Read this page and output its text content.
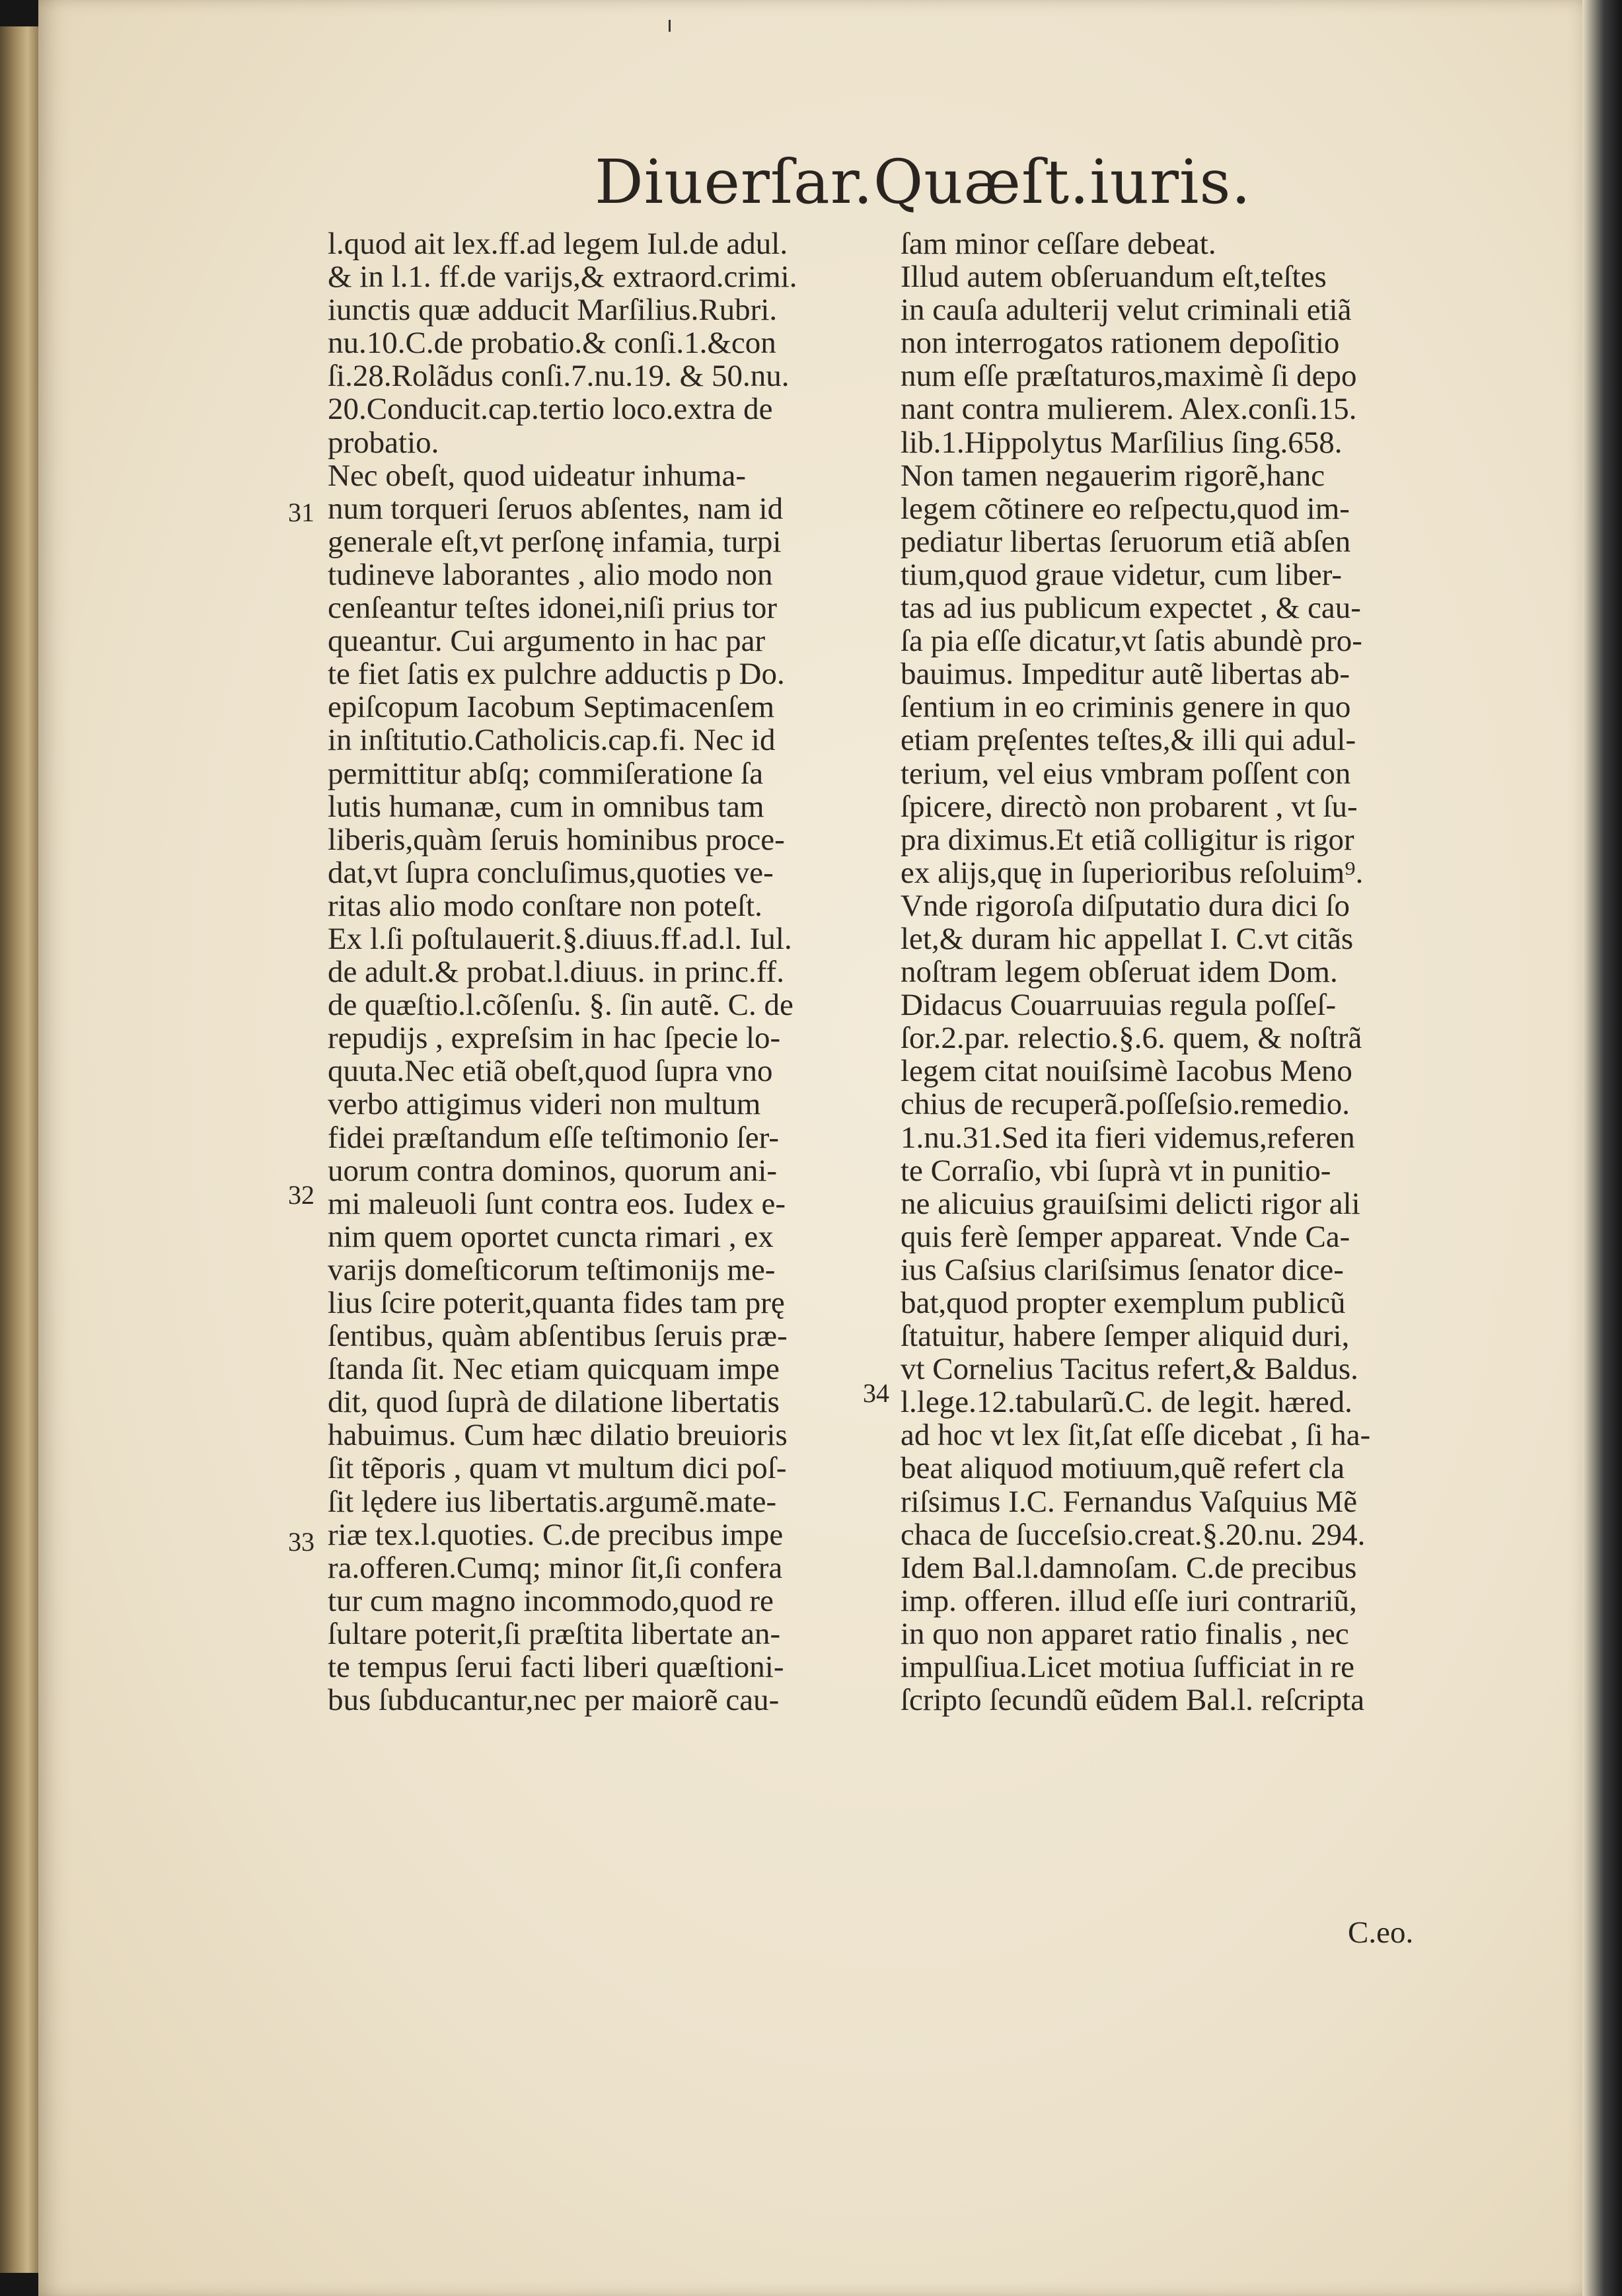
Diuerſar.Quæſt.iuris.
l.quod ait lex.ff.ad legem Iul.de adul.
& in l.1. ff.de varijs,& extraord.crimi.
iunctis quæ adducit Marſilius.Rubri.
nu.10.C.de probatio.& conſi.1.&con
ſi.28.Rolãdus conſi.7.nu.19. & 50.nu.
20.Conducit.cap.tertio loco.extra de
probatio.
Nec obeſt, quod uideatur inhuma-
num torqueri ſeruos abſentes, nam id
generale eſt,vt perſonę infamia, turpi
tudineve laborantes , alio modo non
cenſeantur teſtes idonei,niſi prius tor
queantur. Cui argumento in hac par
te fiet ſatis ex pulchre adductis p Do.
epiſcopum Iacobum Septimacenſem
in inſtitutio.Catholicis.cap.fi. Nec id
permittitur abſq; commiſeratione ſa
lutis humanæ, cum in omnibus tam
liberis,quàm ſeruis hominibus proce-
dat,vt ſupra concluſimus,quoties ve-
ritas alio modo conſtare non poteſt.
Ex l.ſi poſtulauerit.§.diuus.ff.ad.l. Iul.
de adult.& probat.l.diuus. in princ.ff.
de quæſtio.l.cõſenſu. §. ſin autẽ. C. de
repudijs , expreſsim in hac ſpecie lo-
quuta.Nec etiã obeſt,quod ſupra vno
verbo attigimus videri non multum
fidei præſtandum eſſe teſtimonio ſer-
uorum contra dominos, quorum ani-
mi maleuoli ſunt contra eos. Iudex e-
nim quem oportet cuncta rimari , ex
varijs domeſticorum teſtimonijs me-
lius ſcire poterit,quanta fides tam prę
ſentibus, quàm abſentibus ſeruis præ-
ſtanda ſit. Nec etiam quicquam impe
dit, quod ſuprà de dilatione libertatis
habuimus. Cum hæc dilatio breuioris
ſit tẽporis , quam vt multum dici poſ-
ſit lędere ius libertatis.argumẽ.mate-
riæ tex.l.quoties. C.de precibus impe
ra.offeren.Cumq; minor ſit,ſi confera
tur cum magno incommodo,quod re
ſultare poterit,ſi præſtita libertate an-
te tempus ſerui facti liberi quæſtioni-
bus ſubducantur,nec per maiorẽ cau-
ſam minor ceſſare debeat.
Illud autem obſeruandum eſt,teſtes
in cauſa adulterij velut criminali etiã
non interrogatos rationem depoſitio
num eſſe præſtaturos,maximè ſi depo
nant contra mulierem. Alex.conſi.15.
lib.1.Hippolytus Marſilius ſing.658.
Non tamen negauerim rigorẽ,hanc
legem cõtinere eo reſpectu,quod im-
pediatur libertas ſeruorum etiã abſen
tium,quod graue videtur, cum liber-
tas ad ius publicum expectet , & cau-
ſa pia eſſe dicatur,vt ſatis abundè pro-
bauimus. Impeditur autẽ libertas ab-
ſentium in eo criminis genere in quo
etiam pręſentes teſtes,& illi qui adul-
terium, vel eius vmbram poſſent con
ſpicere, directò non probarent , vt ſu-
pra diximus.Et etiã colligitur is rigor
ex alijs,quę in ſuperioribus reſoluim⁹.
Vnde rigoroſa diſputatio dura dici ſo
let,& duram hic appellat I. C.vt citãs
noſtram legem obſeruat idem Dom.
Didacus Couarruuias regula poſſeſ-
ſor.2.par. relectio.§.6. quem, & noſtrã
legem citat nouiſsimè Iacobus Meno
chius de recuperã.poſſeſsio.remedio.
1.nu.31.Sed ita fieri videmus,referen
te Corraſio, vbi ſuprà vt in punitio-
ne alicuius grauiſsimi delicti rigor ali
quis ferè ſemper appareat. Vnde Ca-
ius Caſsius clariſsimus ſenator dice-
bat,quod propter exemplum publicũ
ſtatuitur, habere ſemper aliquid duri,
vt Cornelius Tacitus refert,& Baldus.
l.lege.12.tabularũ.C. de legit. hæred.
ad hoc vt lex ſit,ſat eſſe dicebat , ſi ha-
beat aliquod motiuum,quẽ refert cla
riſsimus I.C. Fernandus Vaſquius Mẽ
chaca de ſucceſsio.creat.§.20.nu. 294.
Idem Bal.l.damnoſam. C.de precibus
imp. offeren. illud eſſe iuri contrariũ,
in quo non apparet ratio finalis , nec
impulſiua.Licet motiua ſufficiat in re
ſcripto ſecundũ eũdem Bal.l. reſcripta
31
32
33
34
C.eo.
